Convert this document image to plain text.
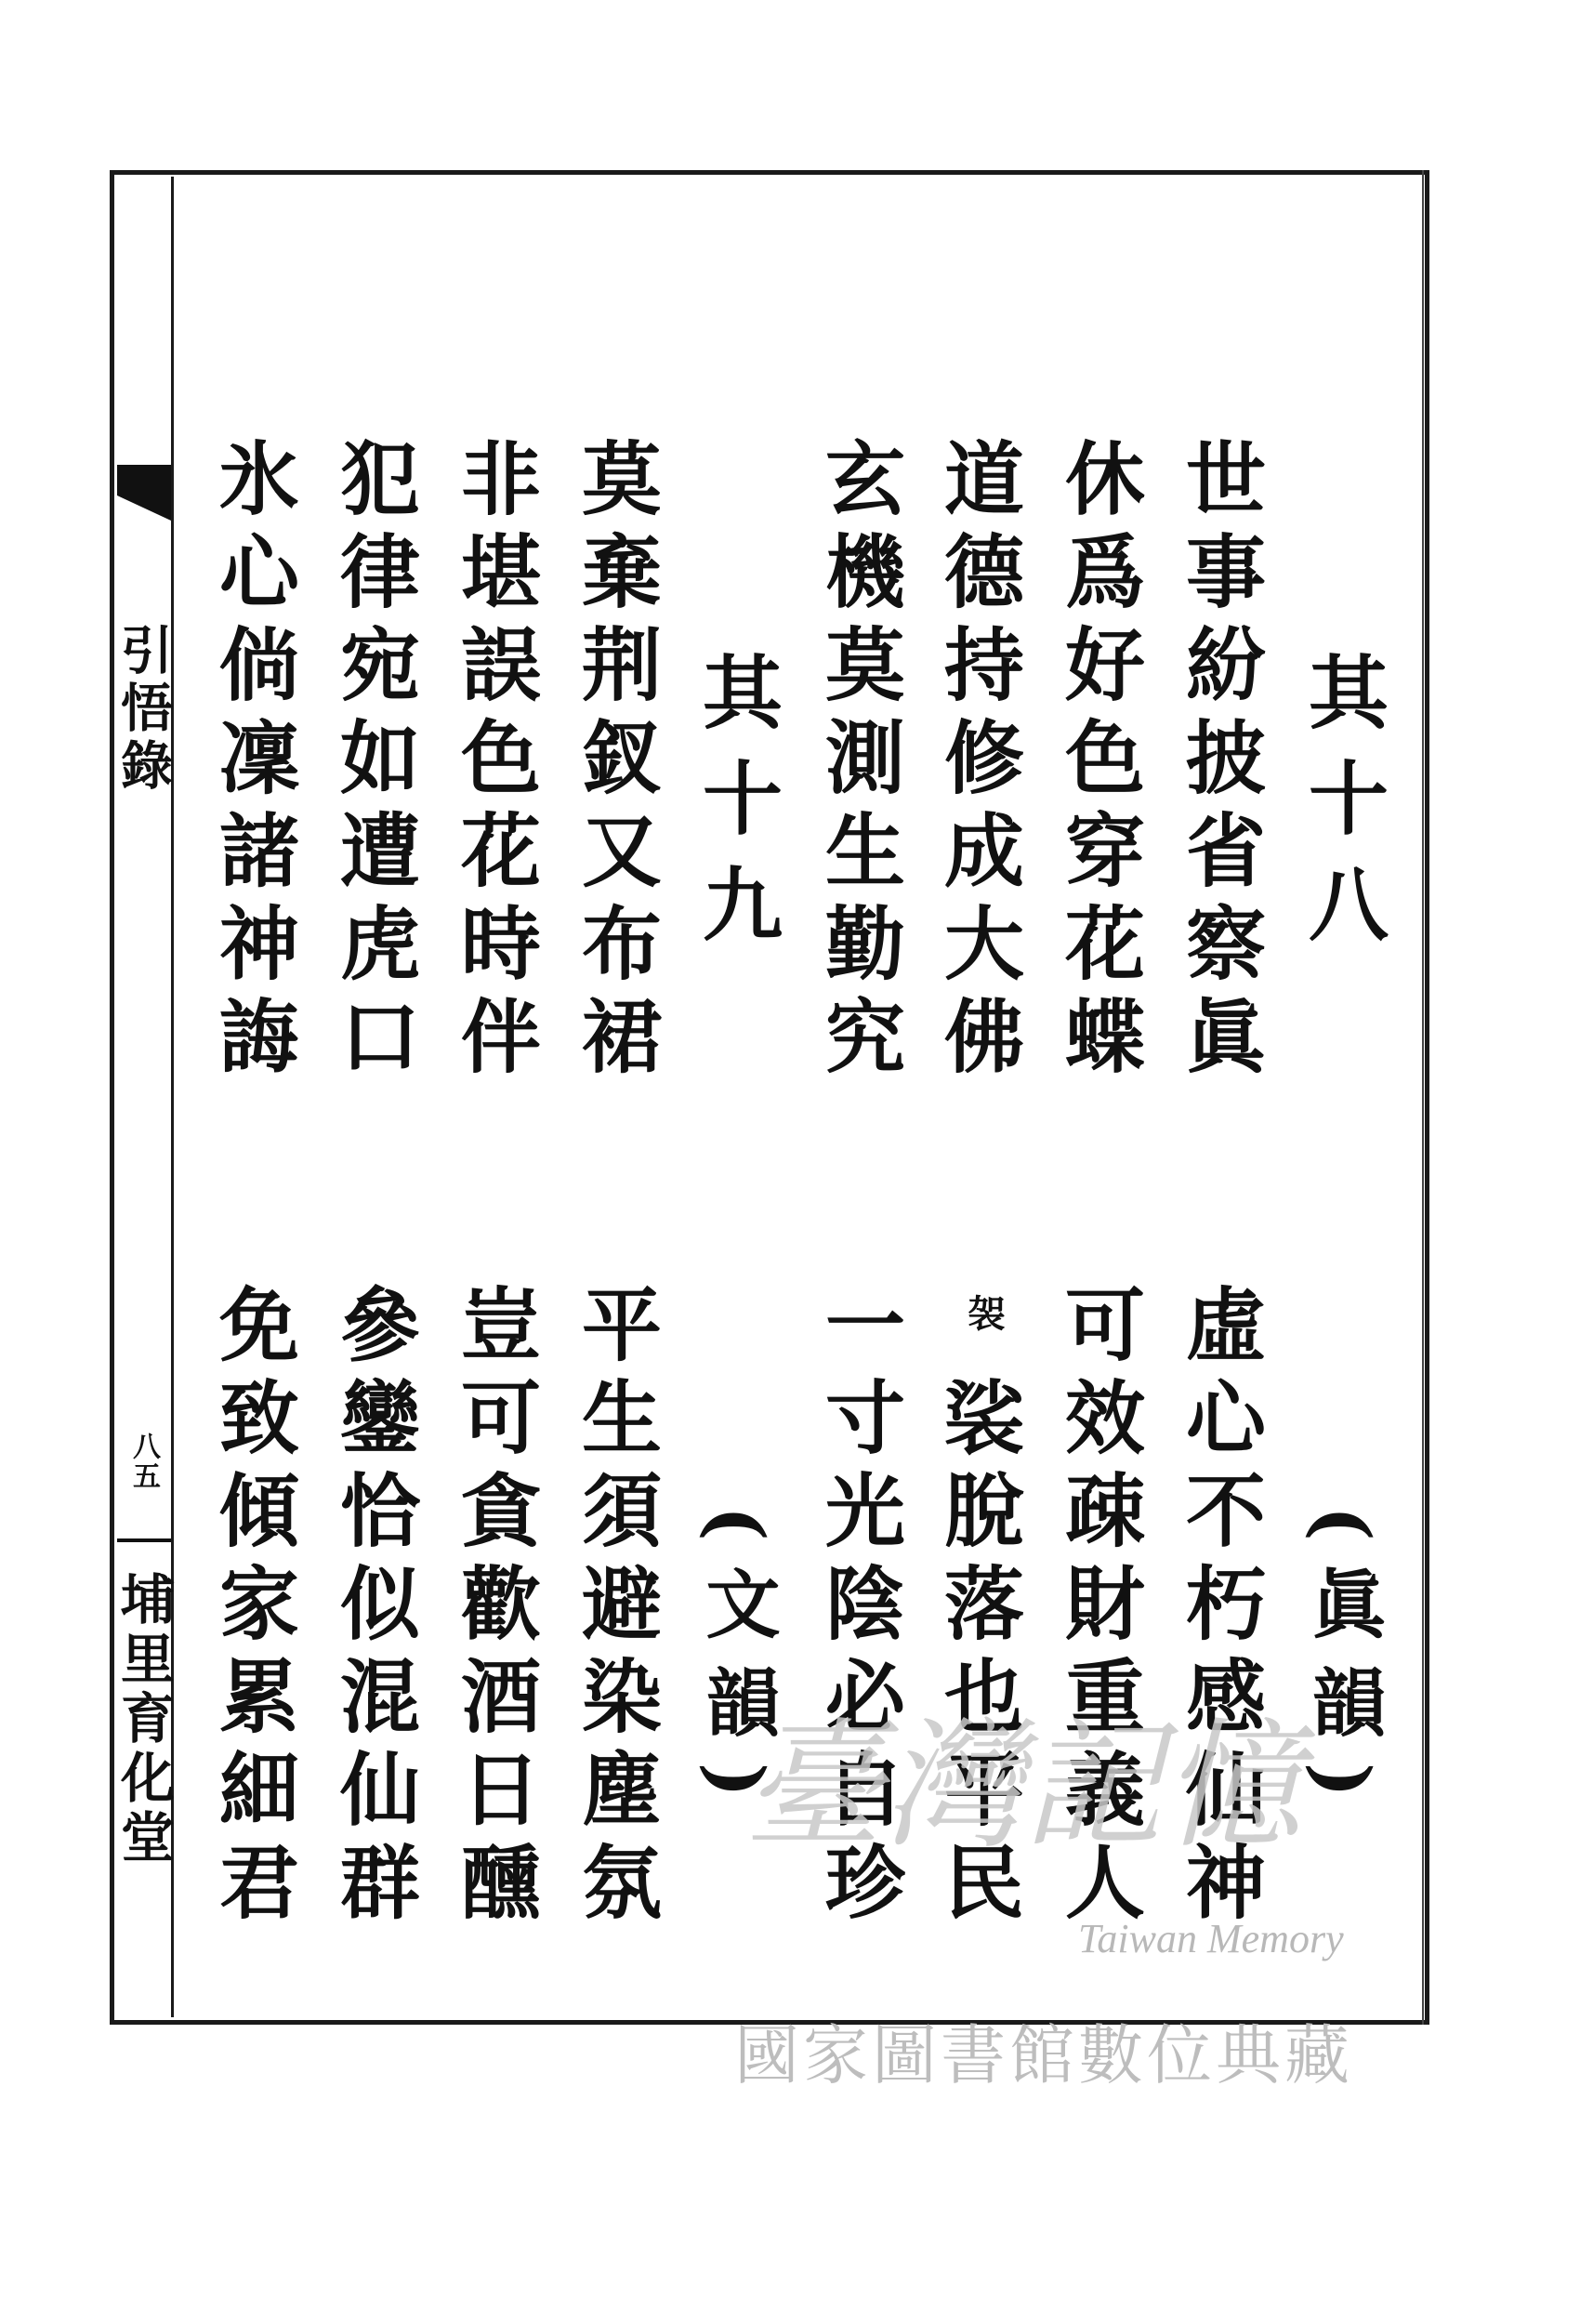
引悟錄
八五
埔里育化堂
其十八
(眞韻)
世事紛披省察眞
虛心不朽感仙神
休爲好色穿花蝶
可效疎財重義人
道德持修成大佛
袈
裟脫落也平民
玄機莫測生勤究
一寸光陰必自珍
其十九
(文韻)
莫棄荆釵又布裙
平生須避染塵氛
非堪誤色花時伴
豈可貪歡酒日醺
犯律宛如遭虎口
參鑾恰似混仙群
氷心倘凜諸神誨
免致傾家累細君	臺灣記憶
Taiwan Memory
國家圖書館數位典藏
